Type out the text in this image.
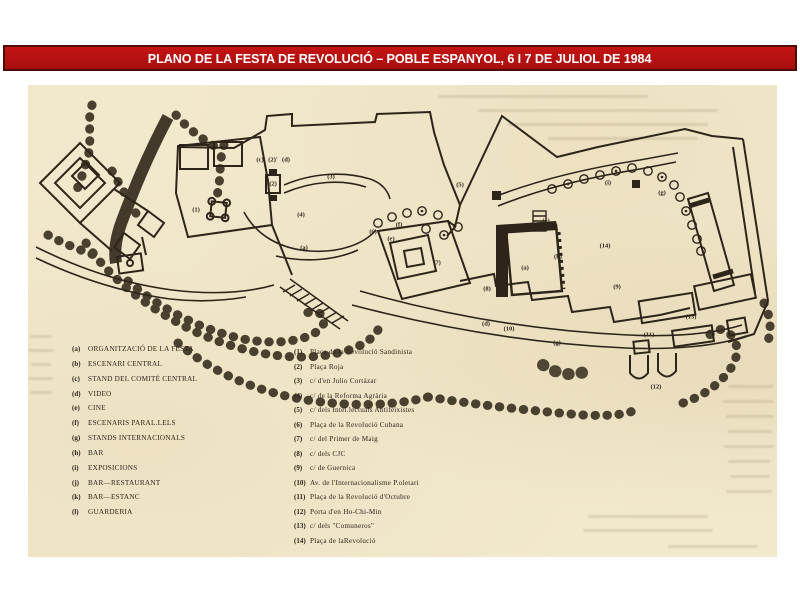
PLANO DE LA FESTA DE REVOLUCIÓ – POBLE ESPANYOL, 6 I 7 DE JULIOL DE 1984
(c) (2)' (d)
(2)
(3)
(1)
(4)
(a)
(5)
(6)
(f)
(e)
(7)
(8)
(a)
(b)
(e)
(i)
(g)
(14)
(9)
(d)
(10)
(g)
(11)
(13)
(12)
(a)	ORGANITZACIÓ DE LA FESTA
(b)	ESCENARI CENTRAL
(c)	STAND DEL COMITÉ CENTRAL
(d)	VIDEO
(e)	CINE
(f)	ESCENARIS PARAL.LELS
(g)	STANDS INTERNACIONALS
(h)	BAR
(i)	EXPOSICIONS
(j)	BAR—RESTAURANT
(k)	BAR—ESTANC
(l)	GUARDERIA
(1)	Plaça de la Revolució Sandinista
(2)	Plaça Roja
(3)	c/ d'en Julio Cortázar
(4)	c/ de la Reforma Agrària
(5)	c/ dels Intel.lectuals Antifeixistes
(6)	Plaça de la Revolució Cubana
(7)	c/ del Primer de Maig
(8)	c/ dels CJC
(9)	c/ de Guernica
(10) Av. de l'Internacionalisme P.oletari
(11) Plaça de la Revolució d'Octubre
(12) Porta d'en Ho-Chi-Min
(13) c/ dels "Comuneros"
(14) Plaça de laRevolució
